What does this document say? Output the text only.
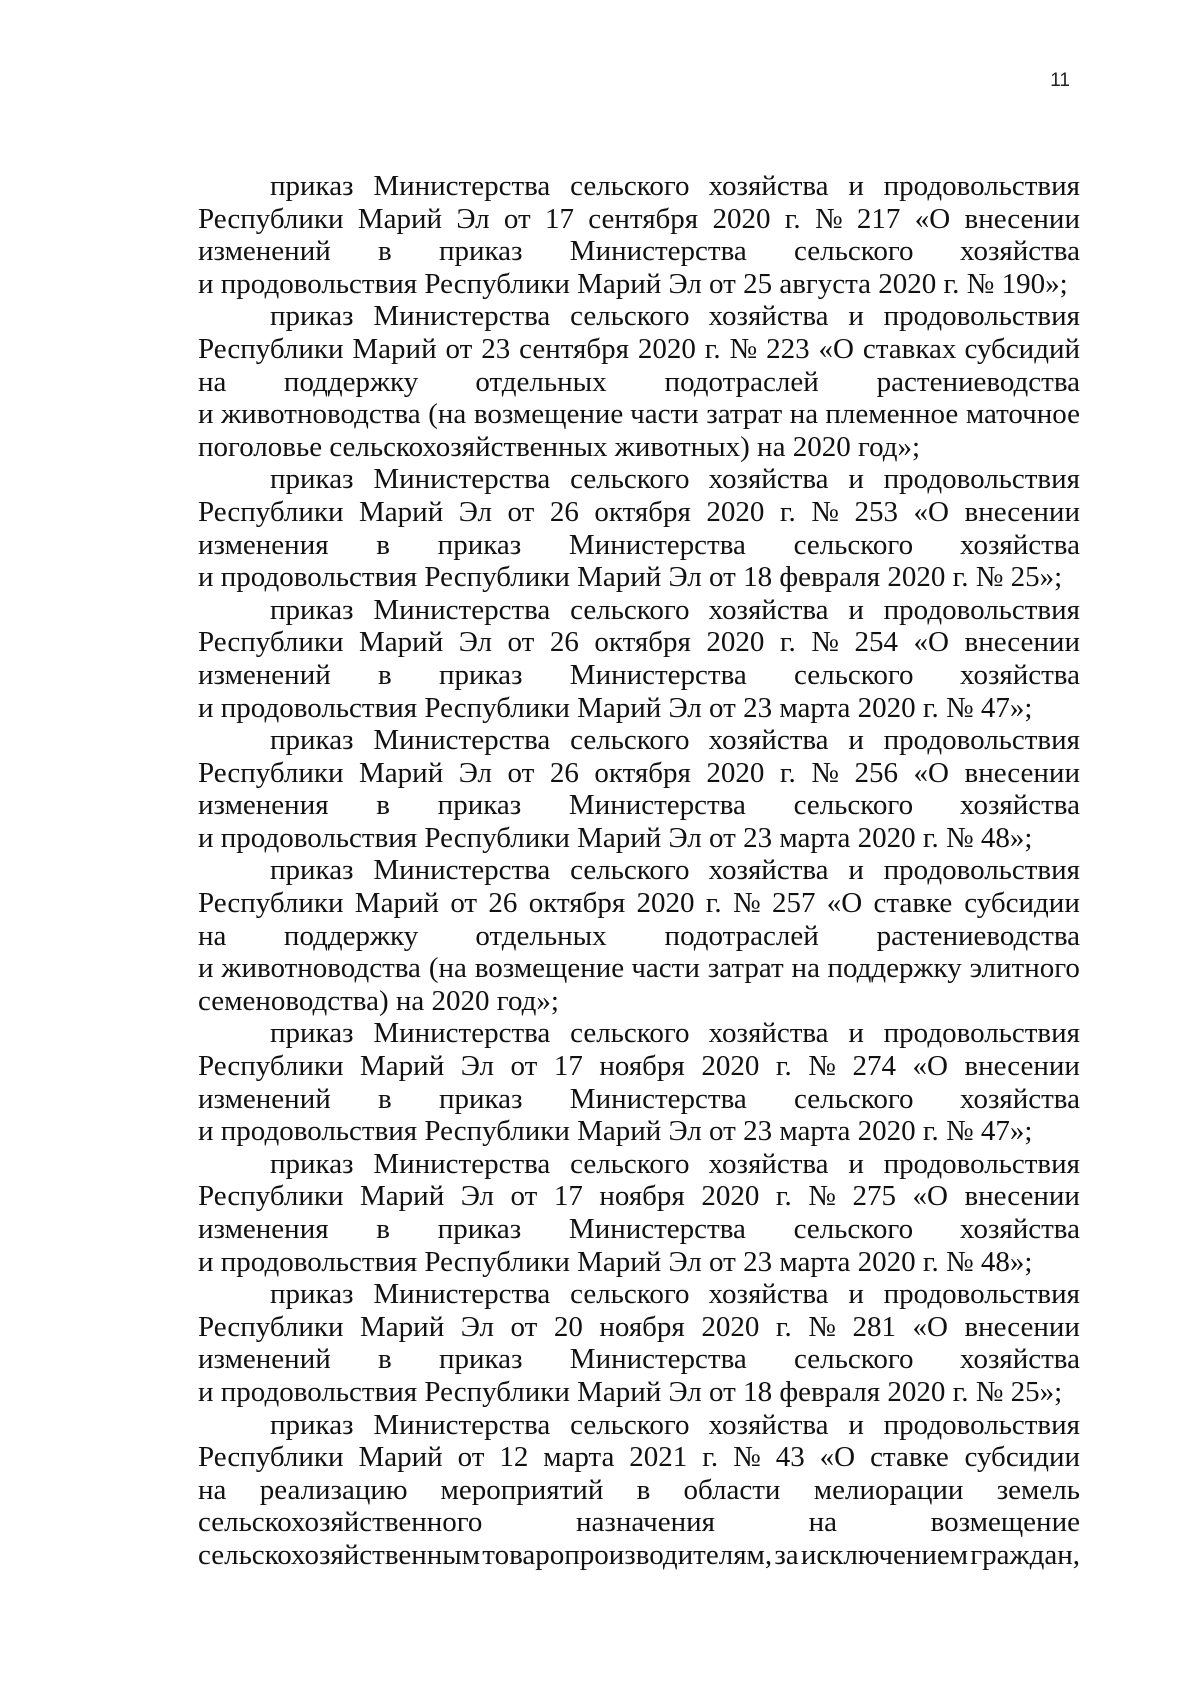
11
приказ Министерства сельского хозяйства и продовольствия
Республики Марий Эл от 17 сентября 2020 г. № 217 «О внесении
изменений в приказ Министерства сельского хозяйства
и продовольствия Республики Марий Эл от 25 августа 2020 г. № 190»;
приказ Министерства сельского хозяйства и продовольствия
Республики Марий от 23 сентября 2020 г. № 223 «О ставках субсидий
на поддержку отдельных подотраслей растениеводства
и животноводства (на возмещение части затрат на племенное маточное
поголовье сельскохозяйственных животных) на 2020 год»;
приказ Министерства сельского хозяйства и продовольствия
Республики Марий Эл от 26 октября 2020 г. № 253 «О внесении
изменения в приказ Министерства сельского хозяйства
и продовольствия Республики Марий Эл от 18 февраля 2020 г. № 25»;
приказ Министерства сельского хозяйства и продовольствия
Республики Марий Эл от 26 октября 2020 г. № 254 «О внесении
изменений в приказ Министерства сельского хозяйства
и продовольствия Республики Марий Эл от 23 марта 2020 г. № 47»;
приказ Министерства сельского хозяйства и продовольствия
Республики Марий Эл от 26 октября 2020 г. № 256 «О внесении
изменения в приказ Министерства сельского хозяйства
и продовольствия Республики Марий Эл от 23 марта 2020 г. № 48»;
приказ Министерства сельского хозяйства и продовольствия
Республики Марий от 26 октября 2020 г. № 257 «О ставке субсидии
на поддержку отдельных подотраслей растениеводства
и животноводства (на возмещение части затрат на поддержку элитного
семеноводства) на 2020 год»;
приказ Министерства сельского хозяйства и продовольствия
Республики Марий Эл от 17 ноября 2020 г. № 274 «О внесении
изменений в приказ Министерства сельского хозяйства
и продовольствия Республики Марий Эл от 23 марта 2020 г. № 47»;
приказ Министерства сельского хозяйства и продовольствия
Республики Марий Эл от 17 ноября 2020 г. № 275 «О внесении
изменения в приказ Министерства сельского хозяйства
и продовольствия Республики Марий Эл от 23 марта 2020 г. № 48»;
приказ Министерства сельского хозяйства и продовольствия
Республики Марий Эл от 20 ноября 2020 г. № 281 «О внесении
изменений в приказ Министерства сельского хозяйства
и продовольствия Республики Марий Эл от 18 февраля 2020 г. № 25»;
приказ Министерства сельского хозяйства и продовольствия
Республики Марий от 12 марта 2021 г. № 43 «О ставке субсидии
на реализацию мероприятий в области мелиорации земель
сельскохозяйственного	назначения	на	возмещение
сельскохозяйственнымтоваропроизводителям,заисключениемграждан,
